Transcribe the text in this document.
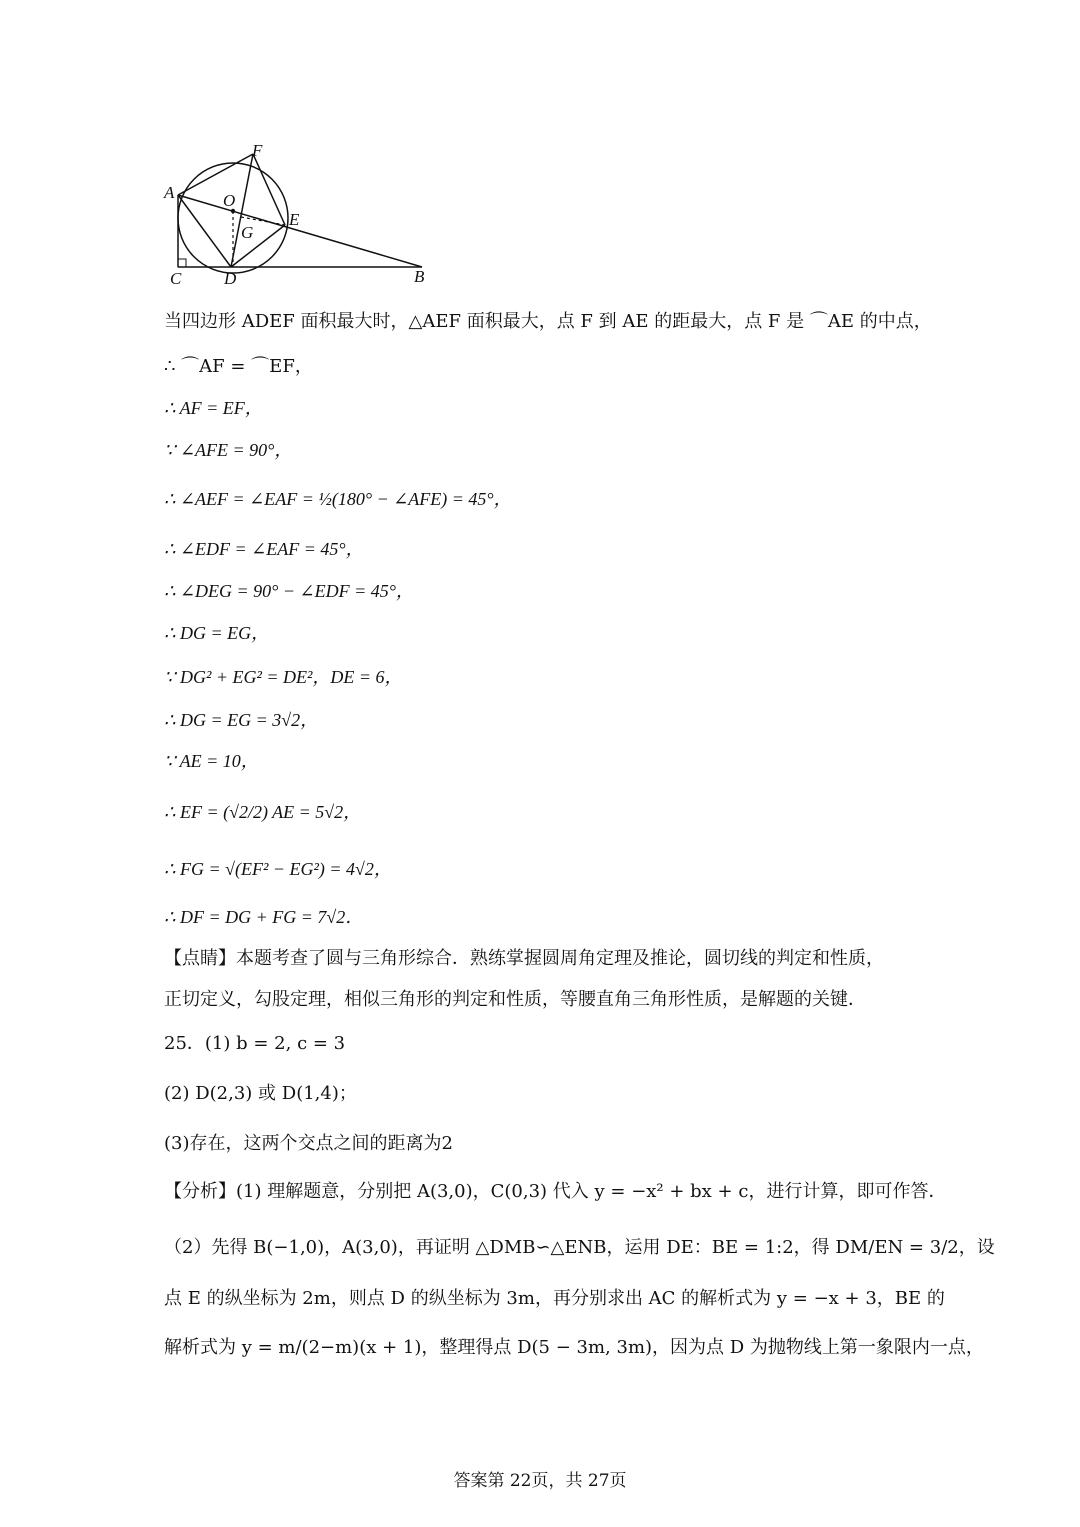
A
F
O
E
G
C	D	B
当四边形 ADEF 面积最大时，△AEF 面积最大，点 F 到 AE 的距最大，点 F 是 ⌒AE 的中点，
∴ ⌒AF = ⌒EF，
∴ AF = EF，
∵ ∠AFE = 90°，
∴ ∠AEF = ∠EAF = ½(180° − ∠AFE) = 45°，
∴ ∠EDF = ∠EAF = 45°，
∴ ∠DEG = 90° − ∠EDF = 45°，
∴ DG = EG，
∵ DG² + EG² = DE²，DE = 6，
∴ DG = EG = 3√2，
∵ AE = 10，
∴ EF = (√2/2) AE = 5√2，
∴ FG = √(EF² − EG²) = 4√2，
∴ DF = DG + FG = 7√2．
【点睛】本题考查了圆与三角形综合．熟练掌握圆周角定理及推论，圆切线的判定和性质，
正切定义，勾股定理，相似三角形的判定和性质，等腰直角三角形性质，是解题的关键．
25．(1) b = 2, c = 3
(2) D(2,3) 或 D(1,4)；
(3)存在，这两个交点之间的距离为2
【分析】(1) 理解题意，分别把 A(3,0)，C(0,3) 代入 y = −x² + bx + c，进行计算，即可作答．
（2）先得 B(−1,0)，A(3,0)，再证明 △DMB∽△ENB，运用 DE：BE = 1:2，得 DM/EN = 3/2，设
点 E 的纵坐标为 2m，则点 D 的纵坐标为 3m，再分别求出 AC 的解析式为 y = −x + 3，BE 的
解析式为 y = m/(2−m)(x + 1)，整理得点 D(5 − 3m, 3m)，因为点 D 为抛物线上第一象限内一点，
答案第 22页，共 27页
